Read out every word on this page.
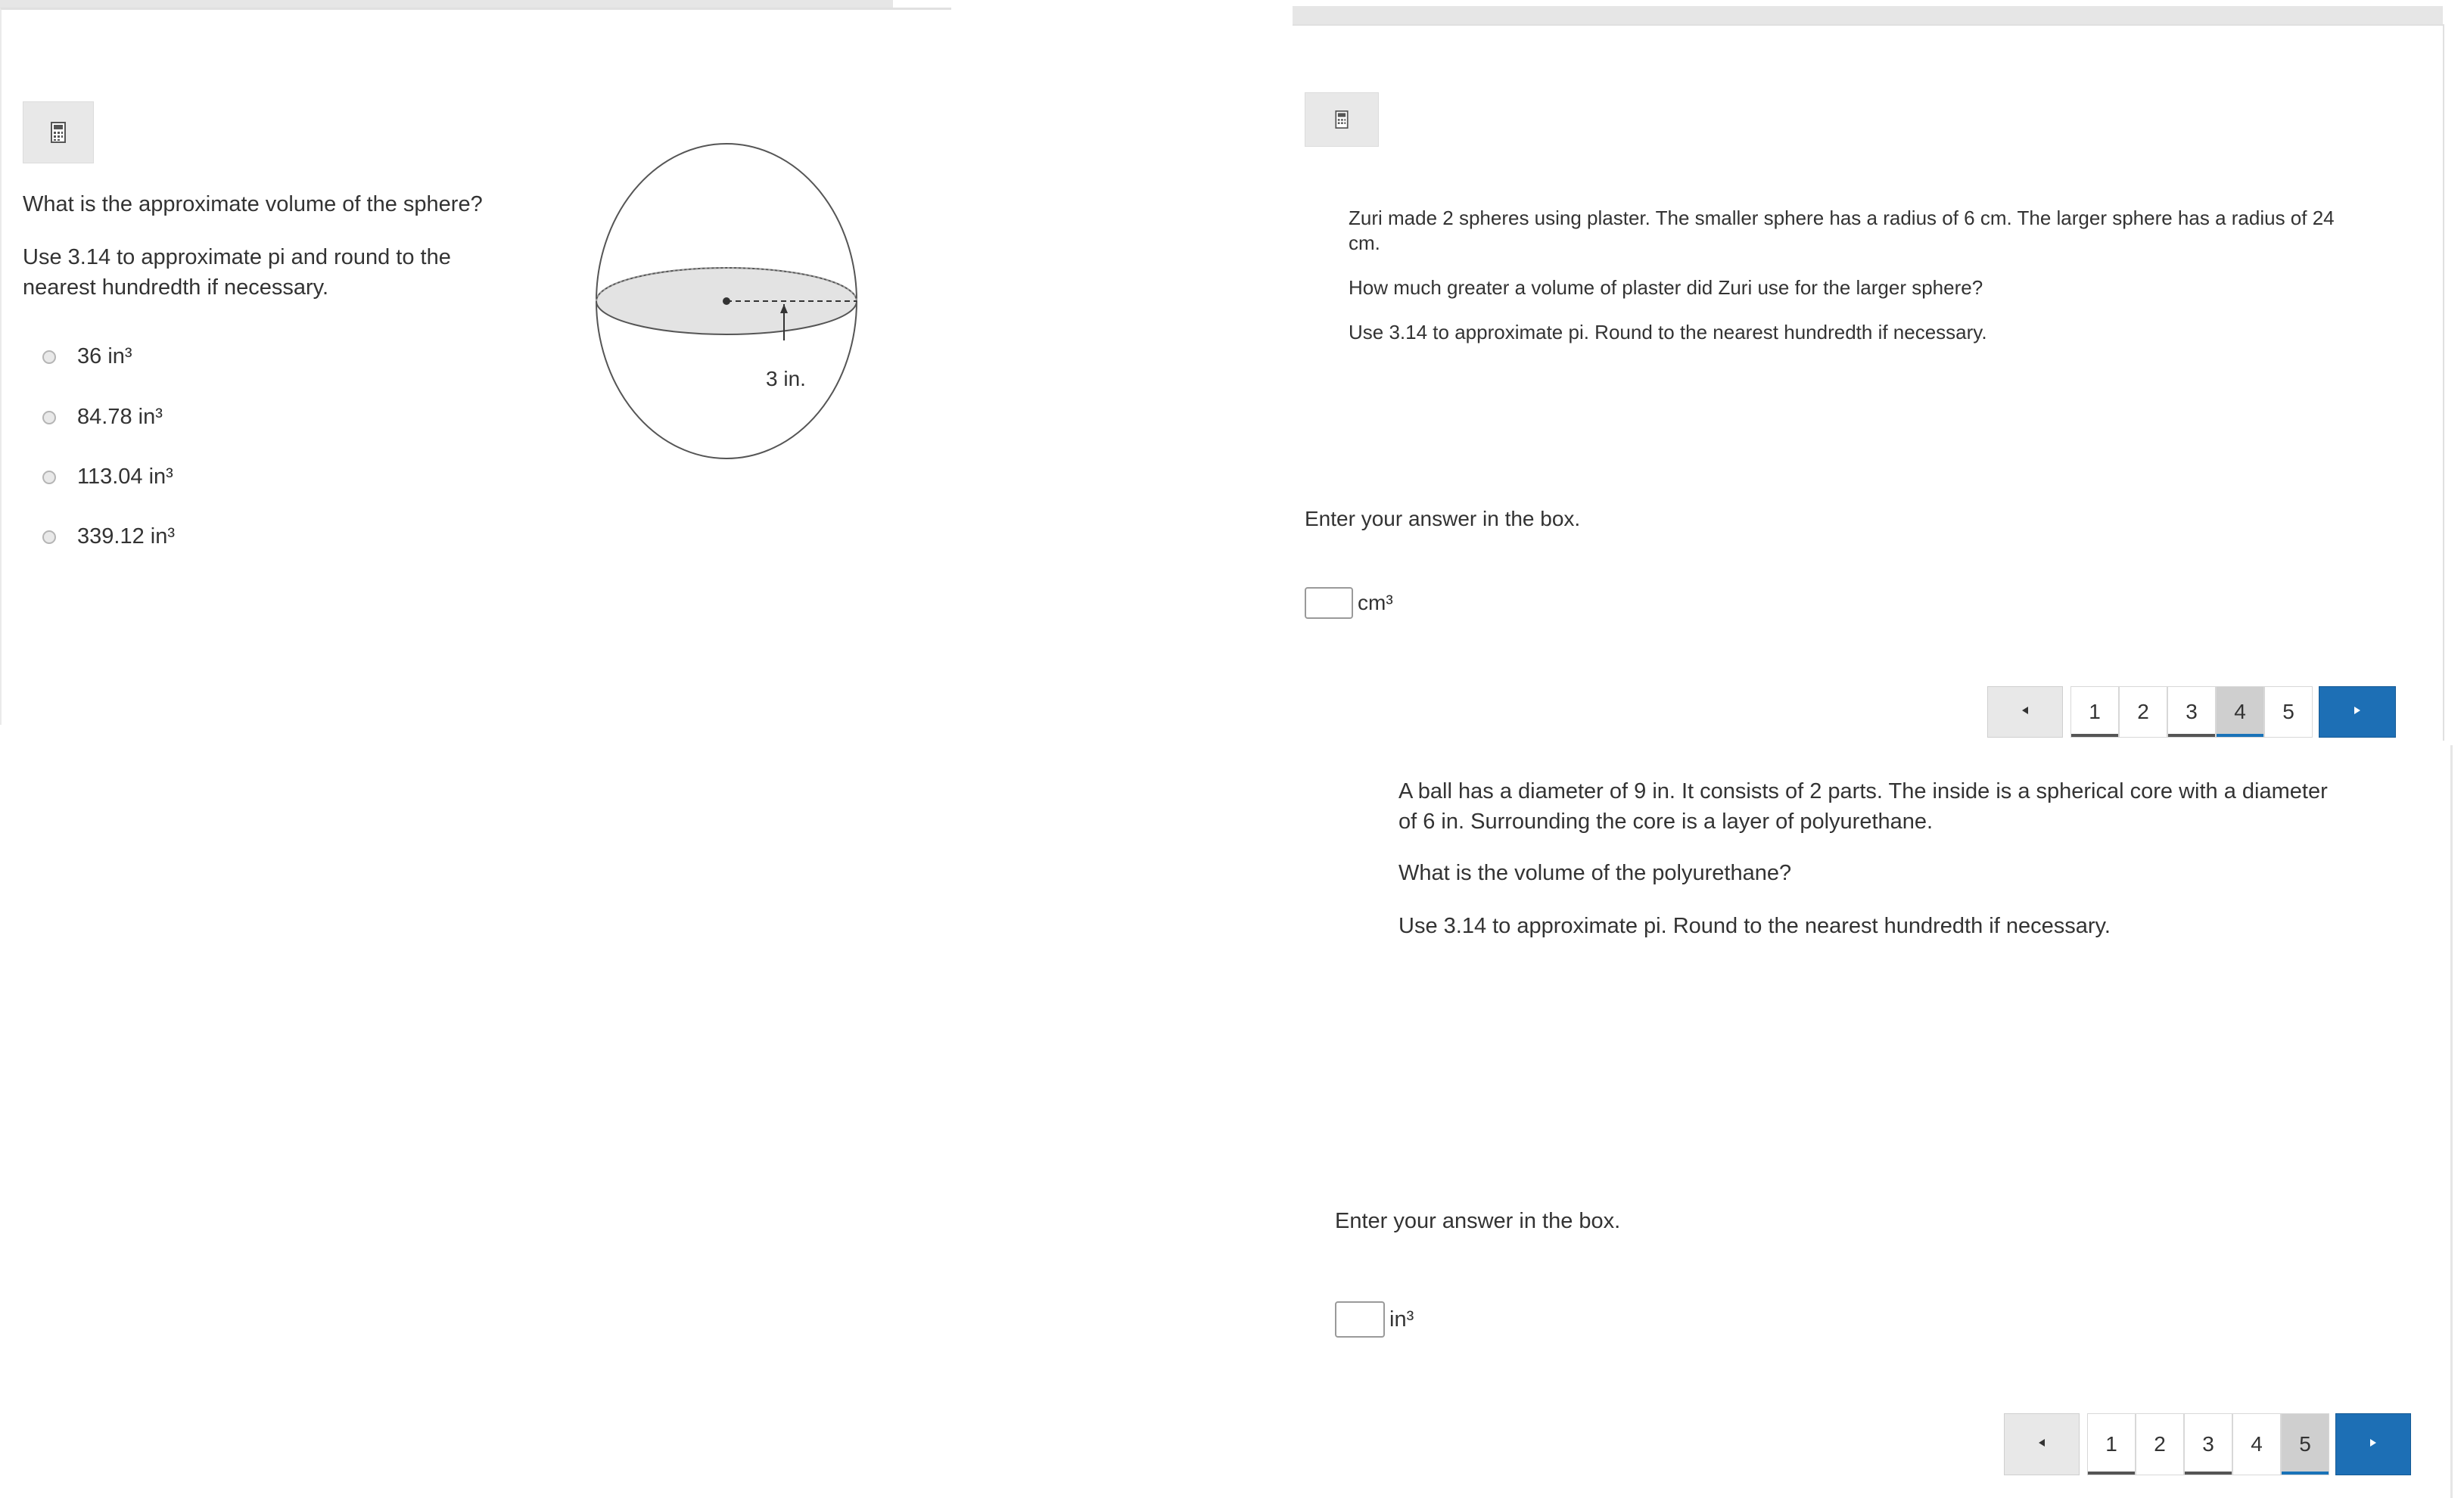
What is the approximate volume of the sphere?

Use 3.14 to approximate pi and round to the nearest hundredth if necessary.

36 in³
84.78 in³
113.04 in³
339.12 in³
3 in.

Zuri made 2 spheres using plaster. The smaller sphere has a radius of 6 cm. The larger sphere has a radius of 24 cm.

How much greater a volume of plaster did Zuri use for the larger sphere?

Use 3.14 to approximate pi. Round to the nearest hundredth if necessary.

Enter your answer in the box.
cm³
1	2	3	4	5

A ball has a diameter of 9 in. It consists of 2 parts. The inside is a spherical core with a diameter of 6 in. Surrounding the core is a layer of polyurethane.

What is the volume of the polyurethane?

Use 3.14 to approximate pi. Round to the nearest hundredth if necessary.

Enter your answer in the box.
in³
1	2	3	4	5
